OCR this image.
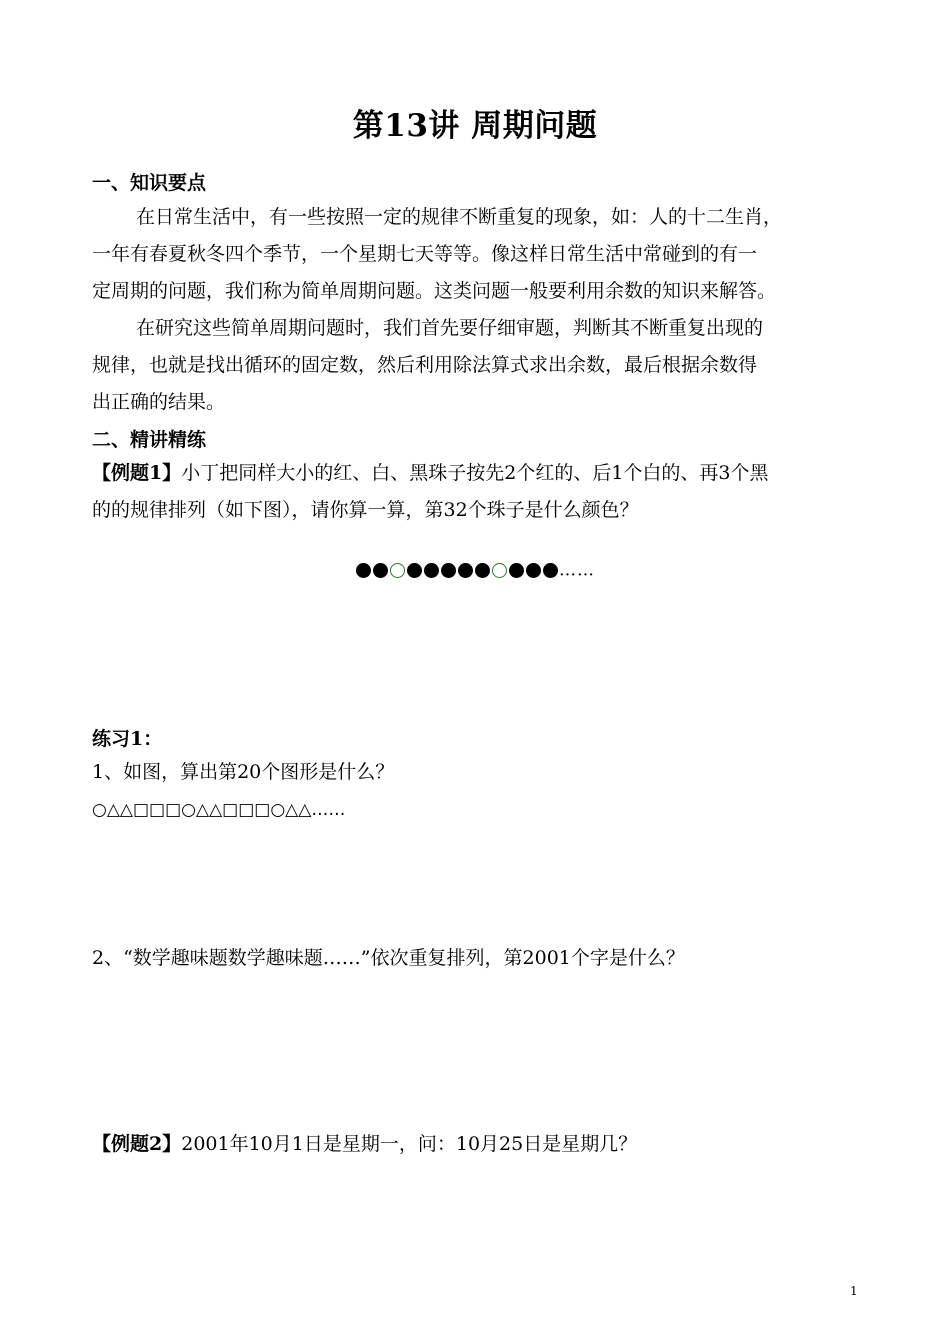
第13讲 周期问题
一、知识要点
在日常生活中，有一些按照一定的规律不断重复的现象，如：人的十二生肖，
一年有春夏秋冬四个季节，一个星期七天等等。像这样日常生活中常碰到的有一
定周期的问题，我们称为简单周期问题。这类问题一般要利用余数的知识来解答。
在研究这些简单周期问题时，我们首先要仔细审题，判断其不断重复出现的
规律，也就是找出循环的固定数，然后利用除法算式求出余数，最后根据余数得
出正确的结果。
二、精讲精练
【例题1】小丁把同样大小的红、白、黑珠子按先2个红的、后1个白的、再3个黑
的的规律排列（如下图），请你算一算，第32个珠子是什么颜色？
……
练习1：
1、如图，算出第20个图形是什么？
○△△□□□○△△□□□○△△……
2、“数学趣味题数学趣味题……”依次重复排列，第2001个字是什么？
【例题2】2001年10月1日是星期一，问：10月25日是星期几？
1
